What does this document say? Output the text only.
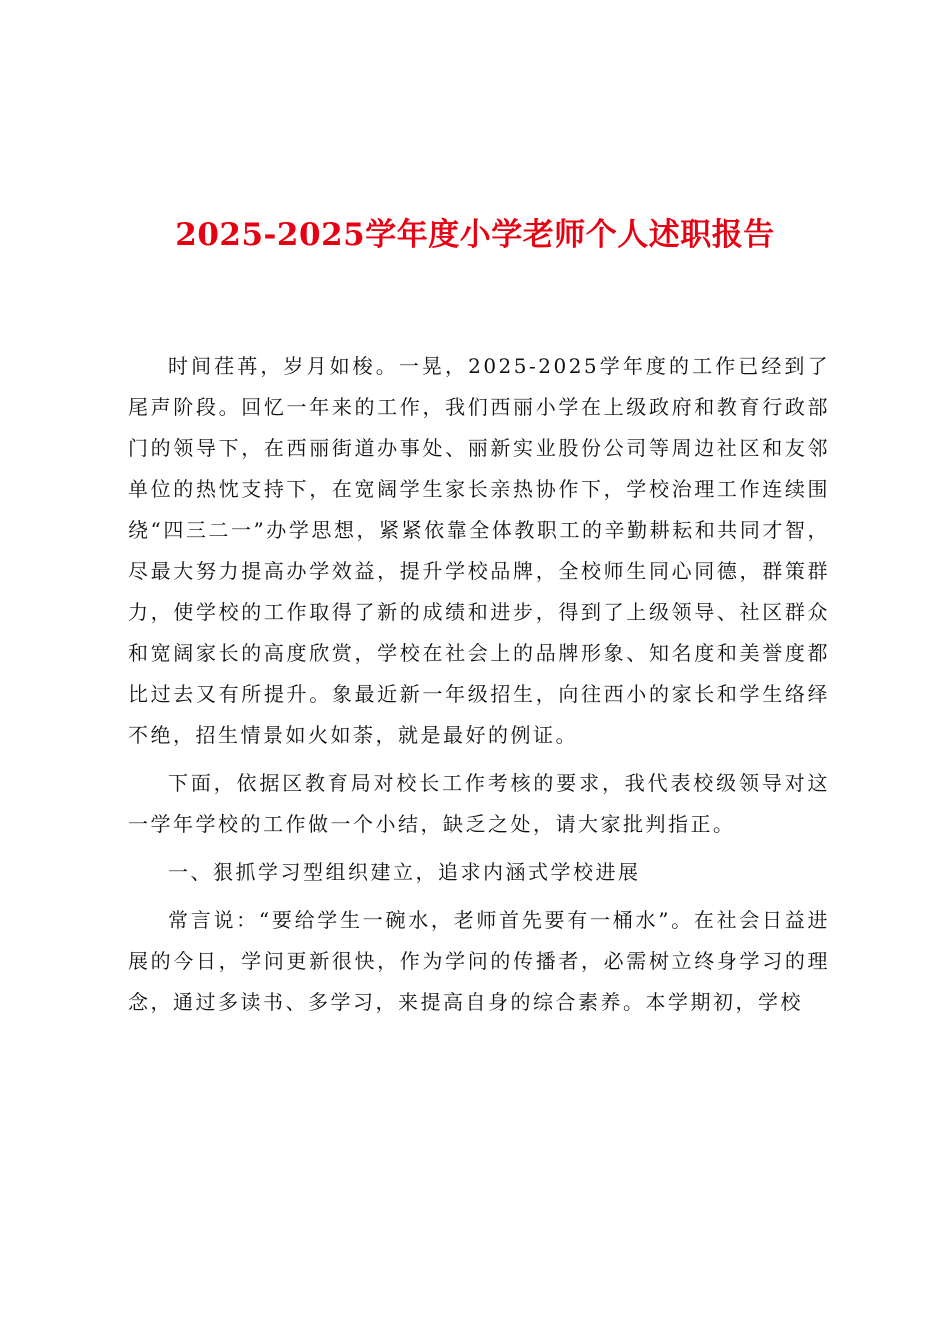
2025-2025学年度小学老师个人述职报告

时间荏苒，岁月如梭。一晃，2025-2025学年度的工作已经到了尾声阶段。回忆一年来的工作，我们西丽小学在上级政府和教育行政部门的领导下，在西丽街道办事处、丽新实业股份公司等周边社区和友邻单位的热忱支持下，在宽阔学生家长亲热协作下，学校治理工作连续围绕“四三二一”办学思想，紧紧依靠全体教职工的辛勤耕耘和共同才智，尽最大努力提高办学效益，提升学校品牌，全校师生同心同德，群策群力，使学校的工作取得了新的成绩和进步，得到了上级领导、社区群众和宽阔家长的高度欣赏，学校在社会上的品牌形象、知名度和美誉度都比过去又有所提升。象最近新一年级招生，向往西小的家长和学生络绎不绝，招生情景如火如荼，就是最好的例证。

下面，依据区教育局对校长工作考核的要求，我代表校级领导对这一学年学校的工作做一个小结，缺乏之处，请大家批判指正。

一、狠抓学习型组织建立，追求内涵式学校进展

常言说：“要给学生一碗水，老师首先要有一桶水”。在社会日益进展的今日，学问更新很快，作为学问的传播者，必需树立终身学习的理念，通过多读书、多学习，来提高自身的综合素养。本学期初，学校
